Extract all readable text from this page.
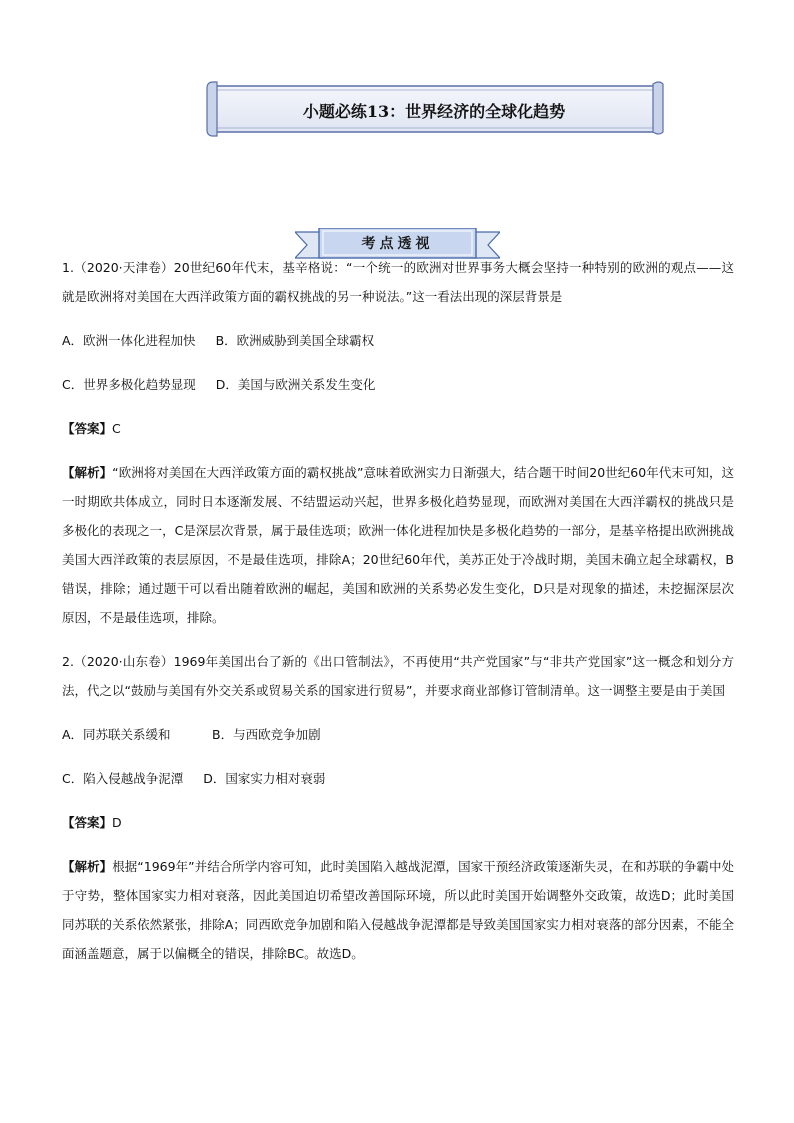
小题必练13：世界经济的全球化趋势
考点透视

1.（2020·天津卷）20世纪60年代末，基辛格说：“一个统一的欧洲对世界事务大概会坚持一种特别的欧洲的观点——这就是欧洲将对美国在大西洋政策方面的霸权挑战的另一种说法。”这一看法出现的深层背景是

A．欧洲一体化进程加快 B．欧洲威胁到美国全球霸权

C．世界多极化趋势显现 D．美国与欧洲关系发生变化

【答案】C

【解析】“欧洲将对美国在大西洋政策方面的霸权挑战”意味着欧洲实力日渐强大，结合题干时间20世纪60年代末可知，这一时期欧共体成立，同时日本逐渐发展、不结盟运动兴起，世界多极化趋势显现，而欧洲对美国在大西洋霸权的挑战只是多极化的表现之一，C是深层次背景，属于最佳选项；欧洲一体化进程加快是多极化趋势的一部分，是基辛格提出欧洲挑战美国大西洋政策的表层原因，不是最佳选项，排除A；20世纪60年代，美苏正处于冷战时期，美国未确立起全球霸权，B错误，排除；通过题干可以看出随着欧洲的崛起，美国和欧洲的关系势必发生变化，D只是对现象的描述，未挖掘深层次原因，不是最佳选项，排除。

2.（2020·山东卷）1969年美国出台了新的《出口管制法》，不再使用“共产党国家”与“非共产党国家”这一概念和划分方法，代之以“鼓励与美国有外交关系或贸易关系的国家进行贸易”，并要求商业部修订管制清单。这一调整主要是由于美国

A．同苏联关系缓和	B．与西欧竞争加剧

C．陷入侵越战争泥潭 D．国家实力相对衰弱

【答案】D

【解析】根据“1969年”并结合所学内容可知，此时美国陷入越战泥潭，国家干预经济政策逐渐失灵，在和苏联的争霸中处于守势，整体国家实力相对衰落，因此美国迫切希望改善国际环境，所以此时美国开始调整外交政策，故选D；此时美国同苏联的关系依然紧张，排除A；同西欧竞争加剧和陷入侵越战争泥潭都是导致美国国家实力相对衰落的部分因素，不能全面涵盖题意，属于以偏概全的错误，排除BC。故选D。
